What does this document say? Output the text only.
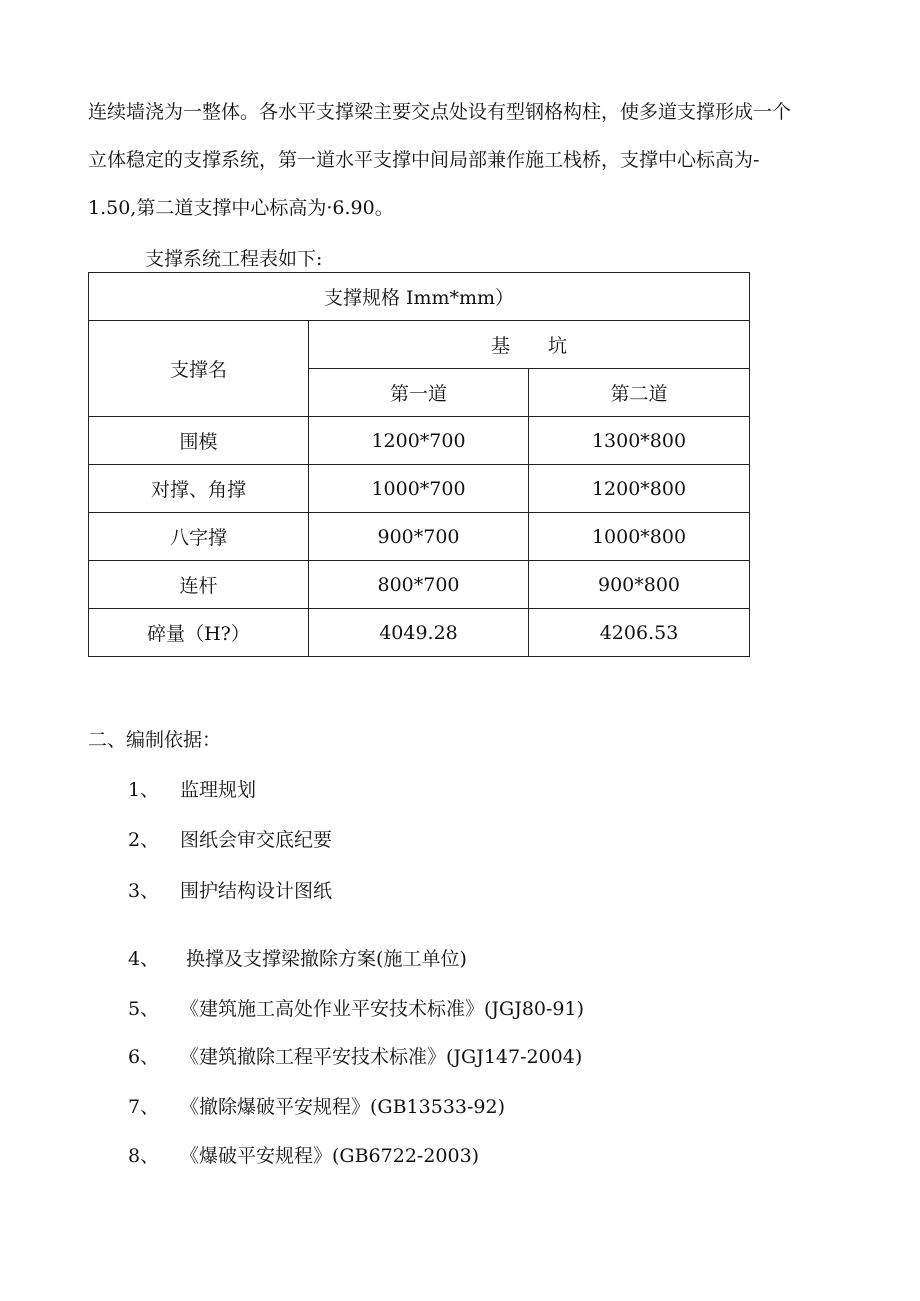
连续墙浇为一整体。各水平支撑梁主要交点处设有型钢格构柱，使多道支撑形成一个

立体稳定的支撑系统，第一道水平支撑中间局部兼作施工栈桥，支撑中心标高为-

1.50,第二道支撑中心标高为·6.90。

支撑系统工程表如下:
支撑规格 Imm*mm）		
支撑名	基　　坑	
	第一道	第二道
围模	1200*700	1300*800
对撑、角撑	1000*700	1200*800
八字撑	900*700	1000*800
连杆	800*700	900*800
碎量（H?）	4049.28	4206.53
二、编制依据：
1、 监理规划
2、 图纸会审交底纪要
3、 围护结构设计图纸
4、 换撑及支撑梁撤除方案(施工单位)
5、 《建筑施工高处作业平安技术标准》(JGJ80-91)
6、 《建筑撤除工程平安技术标准》(JGJ147-2004)
7、 《撤除爆破平安规程》(GB13533-92)
8、 《爆破平安规程》(GB6722-2003)
